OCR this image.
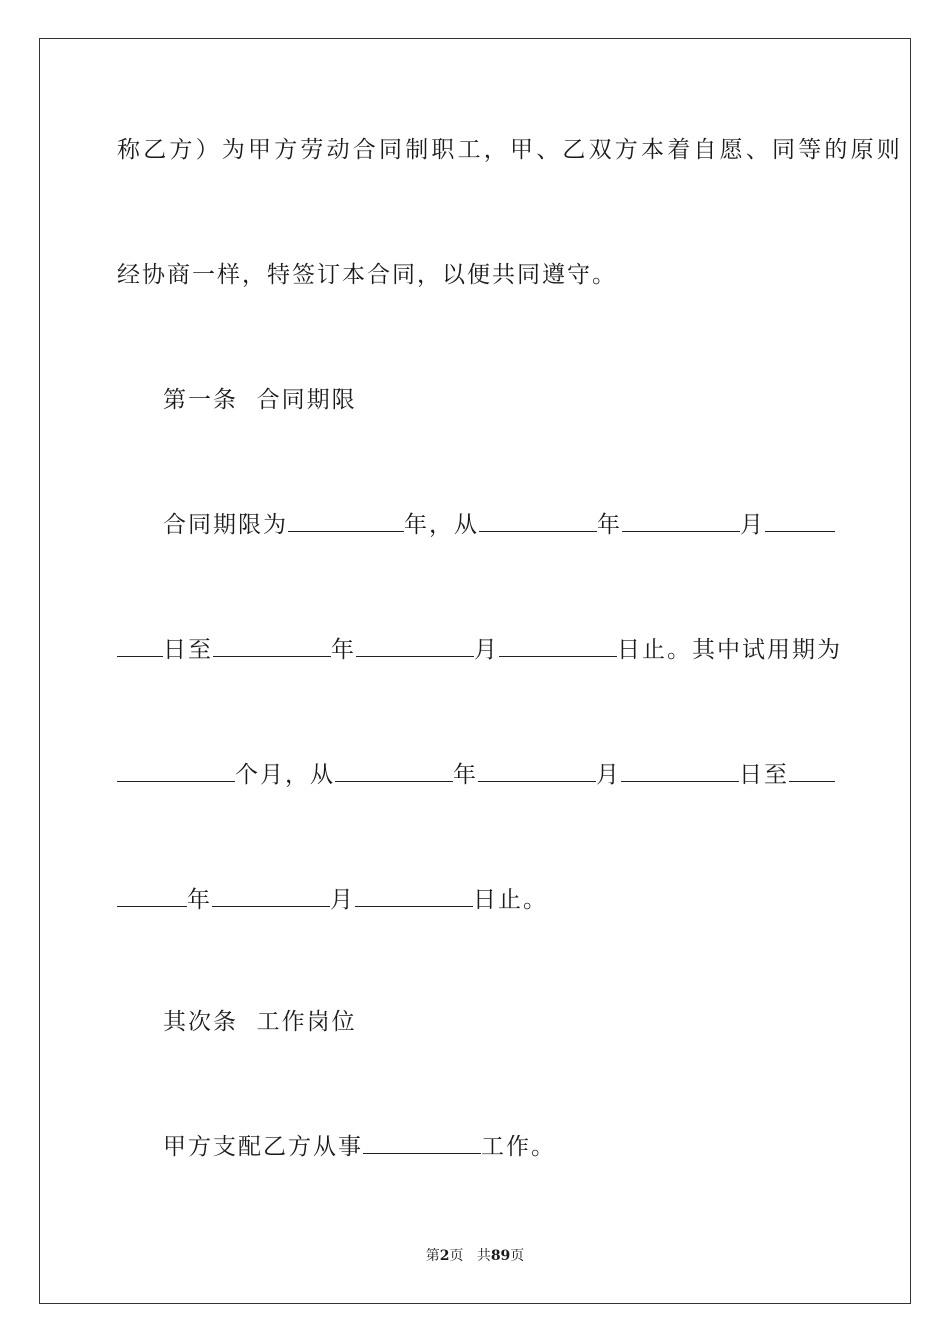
称乙方）为甲方劳动合同制职工，甲、乙双方本着自愿、同等的原则
经协商一样，特签订本合同，以便共同遵守。
第一条  合同期限
合同期限为	年，从	年	月
日至	年	月	日止。其中试用期为
个月，从	年	月	日至
年	月	日止。
其次条  工作岗位
甲方支配乙方从事	工作。
第2页 共89页
